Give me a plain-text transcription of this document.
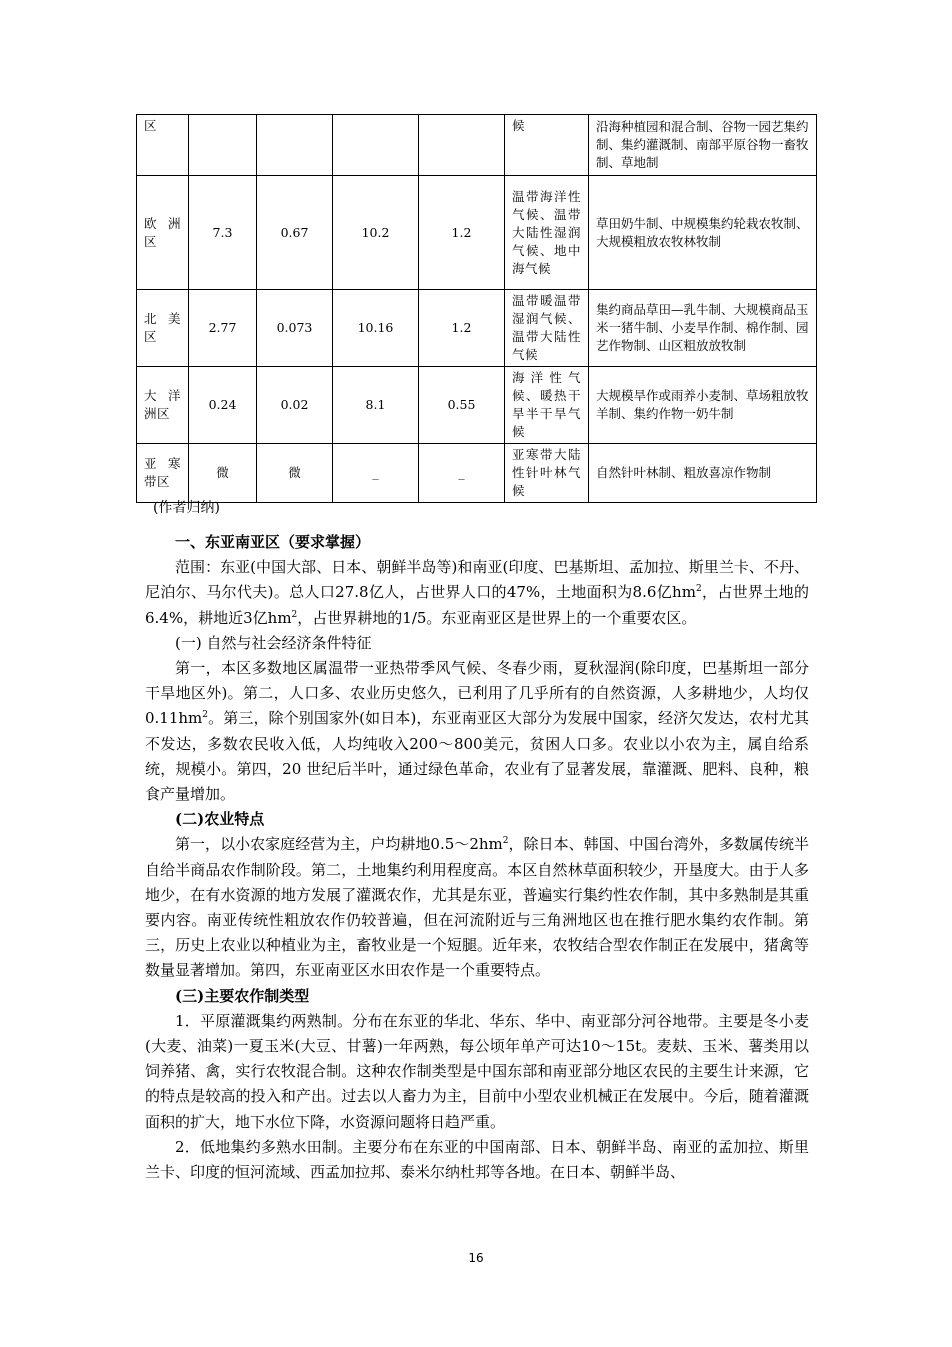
区					候	沿海种植园和混合制、谷物一园艺集约制、集约灌溉制、南部平原谷物一畜牧制、草地制
欧洲区	7.3	0.67	10.2	1.2	温带海洋性气候、温带大陆性湿润气候、地中海气候	草田奶牛制、中规模集约轮栽农牧制、大规模粗放农牧林牧制
北美区	2.77	0.073	10.16	1.2	温带暖温带湿润气候、温带大陆性气候	集约商品草田—乳牛制、大规模商品玉米一猪牛制、小麦旱作制、棉作制、园艺作物制、山区粗放放牧制
大洋洲区	0.24	0.02	8.1	0.55	海洋性气候、暖热干旱半干旱气候	大规模旱作或雨养小麦制、草场粗放牧羊制、集约作物一奶牛制
亚寒带区	微	微	_	_	亚寒带大陆性针叶林气候	自然针叶林制、粗放喜凉作物制
(作者归纳)

一、东亚南亚区（要求掌握）

范围：东亚(中国大部、日本、朝鲜半岛等)和南亚(印度、巴基斯坦、孟加拉、斯里兰卡、不丹、尼泊尔、马尔代夫)。总人口27.8亿人，占世界人口的47%，土地面积为8.6亿$hm^2$，占世界土地的6.4%，耕地近3亿$hm^2$，占世界耕地的1/5。东亚南亚区是世界上的一个重要农区。

(一) 自然与社会经济条件特征

第一，本区多数地区属温带一亚热带季风气候、冬春少雨，夏秋湿润(除印度，巴基斯坦一部分干旱地区外)。第二，人口多、农业历史悠久，已利用了几乎所有的自然资源，人多耕地少，人均仅 $0.11hm^2$。第三，除个别国家外(如日本)，东亚南亚区大部分为发展中国家，经济欠发达，农村尤其不发达，多数农民收入低，人均纯收入200～800美元，贫困人口多。农业以小农为主，属自给系统，规模小。第四，20 世纪后半叶，通过绿色革命，农业有了显著发展，靠灌溉、肥料、良种，粮食产量增加。

(二)农业特点

第一，以小农家庭经营为主，户均耕地$0.5\sim 2hm^2$，除日本、韩国、中国台湾外，多数属传统半自给半商品农作制阶段。第二，土地集约利用程度高。本区自然林草面积较少，开垦度大。由于人多地少，在有水资源的地方发展了灌溉农作，尤其是东亚，普遍实行集约性农作制，其中多熟制是其重要内容。南亚传统性粗放农作仍较普遍，但在河流附近与三角洲地区也在推行肥水集约农作制。第三，历史上农业以种植业为主，畜牧业是一个短腿。近年来，农牧结合型农作制正在发展中，猪禽等数量显著增加。第四，东亚南亚区水田农作是一个重要特点。

(三)主要农作制类型

1．平原灌溉集约两熟制。分布在东亚的华北、华东、华中、南亚部分河谷地带。主要是冬小麦(大麦、油菜)一夏玉米(大豆、甘薯)一年两熟，每公顷年单产可达10～15t。麦麸、玉米、薯类用以饲养猪、禽，实行农牧混合制。这种农作制类型是中国东部和南亚部分地区农民的主要生计来源，它的特点是较高的投入和产出。过去以人畜力为主，目前中小型农业机械正在发展中。今后，随着灌溉面积的扩大，地下水位下降，水资源问题将日趋严重。

2．低地集约多熟水田制。主要分布在东亚的中国南部、日本、朝鲜半岛、南亚的孟加拉、斯里兰卡、印度的恒河流域、西孟加拉邦、泰米尔纳杜邦等各地。在日本、朝鲜半岛、

16
